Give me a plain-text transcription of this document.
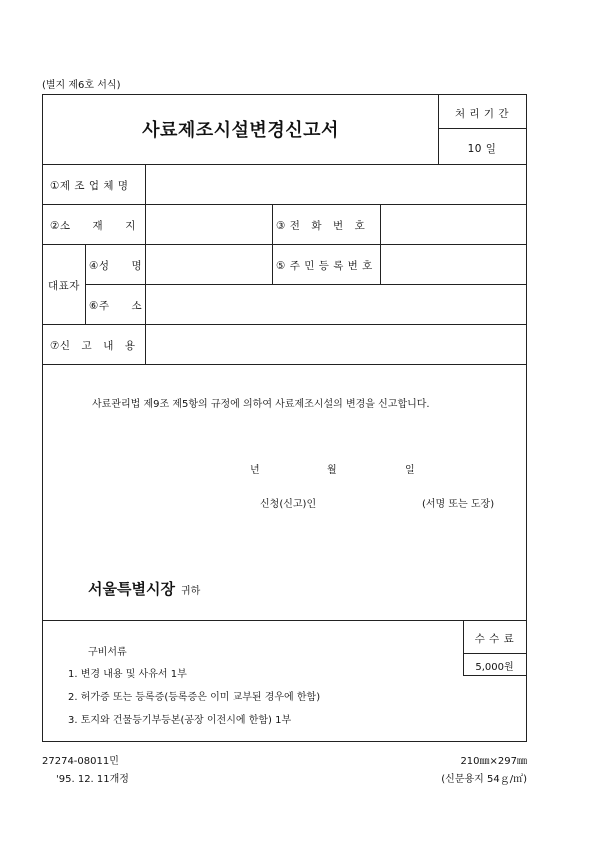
(별지 제6호 서식)
사료제조시설변경신고서
처 리 기 간
10 일
①제 조 업 체 명
②소　　재　　지	③ 전　화　번　호
대표자
④성　　명	⑤ 주 민 등 록 번 호
⑥주　　소
⑦신　고　내　용
사료관리법 제9조 제5항의 규정에 의하여 사료제조시설의 변경을 신고합니다.
년	월	일
신청(신고)인	(서명 또는 도장)
서울특별시장 귀하
수 수 료
5,000원
구비서류
1. 변경 내용 및 사유서 1부
2. 허가증 또는 등록증(등록증은 이미 교부된 경우에 한함)
3. 토지와 건물등기부등본(공장 이전시에 한함) 1부
27274-08011민
'95. 12. 11개정
210㎜×297㎜
(신문용지 54ｇ/㎡)
